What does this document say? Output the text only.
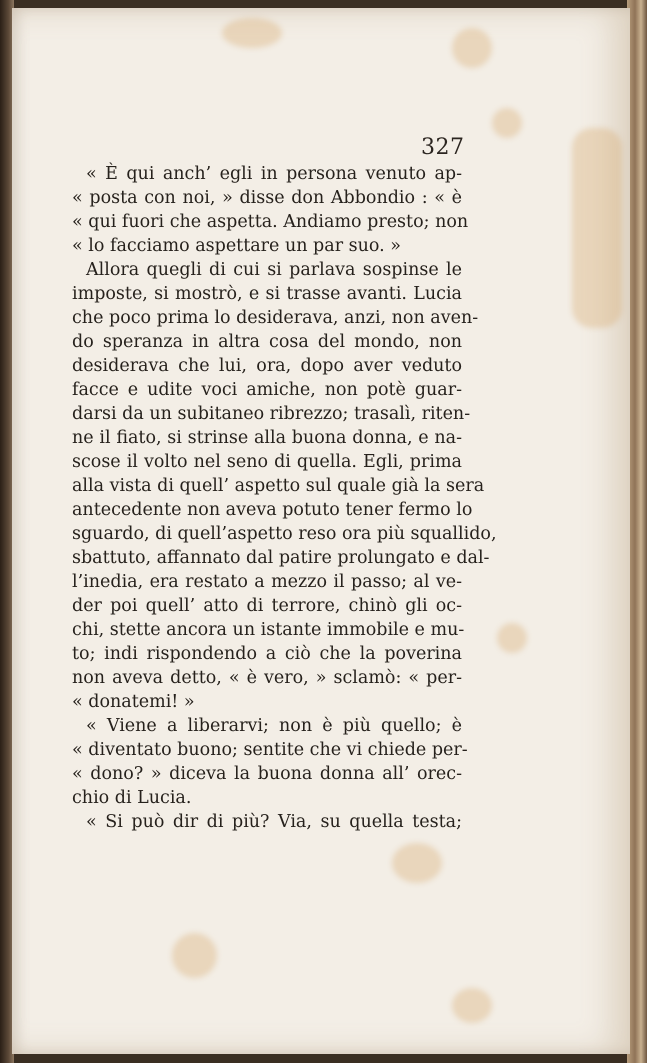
327
« È qui anch’ egli in persona venuto ap-
« posta con noi, » disse don Abbondio : « è
« qui fuori che aspetta. Andiamo presto; non
« lo facciamo aspettare un par suo. »
Allora quegli di cui si parlava sospinse le
imposte, si mostrò, e si trasse avanti. Lucia
che poco prima lo desiderava, anzi, non aven-
do speranza in altra cosa del mondo, non
desiderava che lui, ora, dopo aver veduto
facce e udite voci amiche, non potè guar-
darsi da un subitaneo ribrezzo; trasalì, riten-
ne il fiato, si strinse alla buona donna, e na-
scose il volto nel seno di quella. Egli, prima
alla vista di quell’ aspetto sul quale già la sera
antecedente non aveva potuto tener fermo lo
sguardo, di quell’aspetto reso ora più squallido,
sbattuto, affannato dal patire prolungato e dal-
l’inedia, era restato a mezzo il passo; al ve-
der poi quell’ atto di terrore, chinò gli oc-
chi, stette ancora un istante immobile e mu-
to; indi rispondendo a ciò che la poverina
non aveva detto, « è vero, » sclamò: « per-
« donatemi! »
« Viene a liberarvi; non è più quello; è
« diventato buono; sentite che vi chiede per-
« dono? » diceva la buona donna all’ orec-
chio di Lucia.
« Si può dir di più? Via, su quella testa;
